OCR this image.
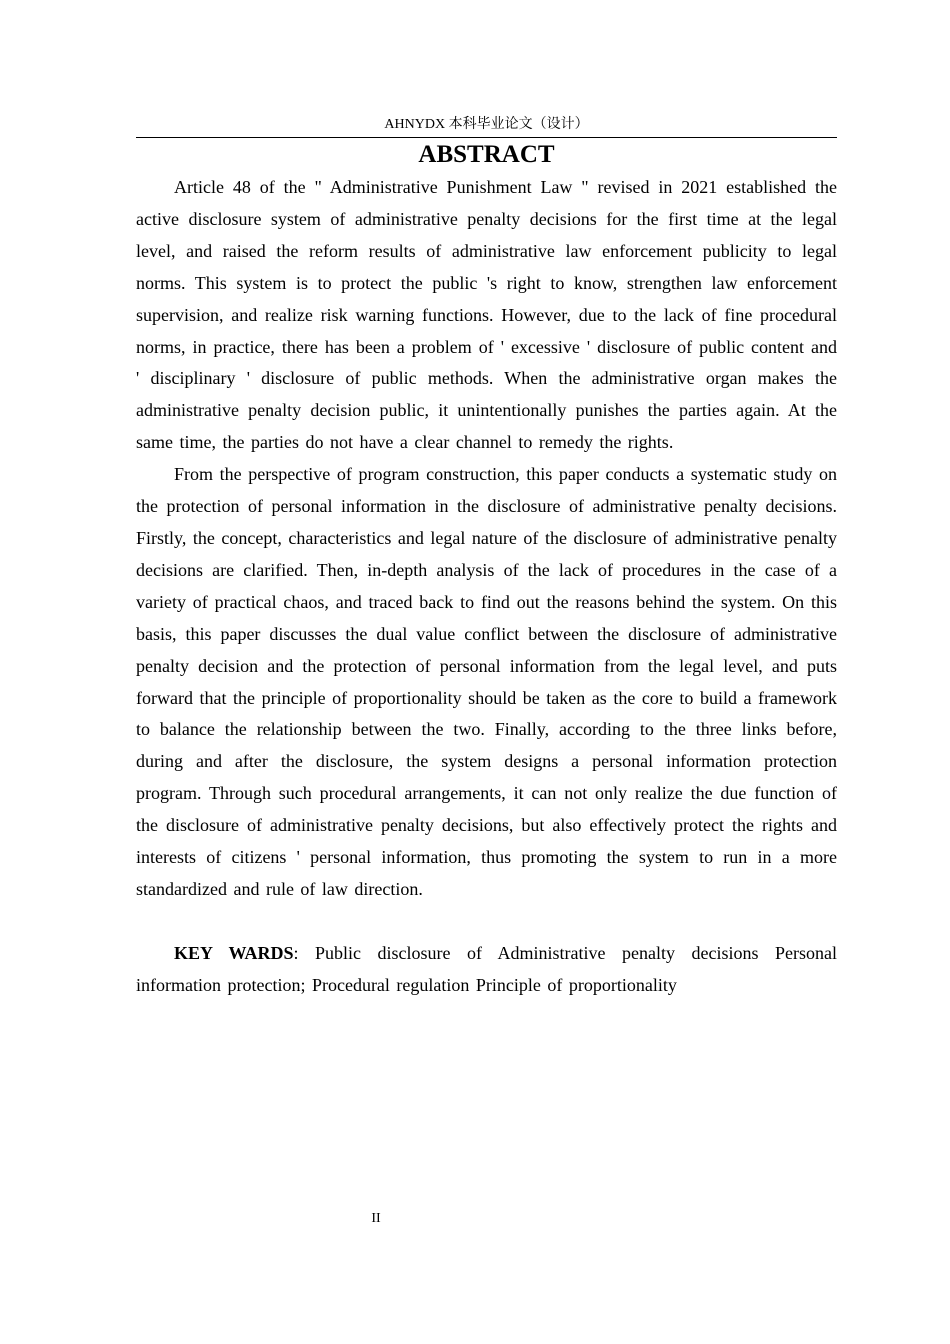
AHNYDX 本科毕业论文（设计）
ABSTRACT

Article 48 of the " Administrative Punishment Law " revised in 2021 established the active disclosure system of administrative penalty decisions for the first time at the legal level, and raised the reform results of administrative law enforcement publicity to legal norms. This system is to protect the public 's right to know, strengthen law enforcement supervision, and realize risk warning functions. However, due to the lack of fine procedural norms, in practice, there has been a problem of ' excessive ' disclosure of public content and ' disciplinary ' disclosure of public methods. When the administrative organ makes the administrative penalty decision public, it unintentionally punishes the parties again. At the same time, the parties do not have a clear channel to remedy the rights.

From the perspective of program construction, this paper conducts a systematic study on the protection of personal information in the disclosure of administrative penalty decisions. Firstly, the concept, characteristics and legal nature of the disclosure of administrative penalty decisions are clarified. Then, in-depth analysis of the lack of procedures in the case of a variety of practical chaos, and traced back to find out the reasons behind the system. On this basis, this paper discusses the dual value conflict between the disclosure of administrative penalty decision and the protection of personal information from the legal level, and puts forward that the principle of proportionality should be taken as the core to build a framework to balance the relationship between the two. Finally, according to the three links before, during and after the disclosure, the system designs a personal information protection program. Through such procedural arrangements, it can not only realize the due function of the disclosure of administrative penalty decisions, but also effectively protect the rights and interests of citizens ' personal information, thus promoting the system to run in a more standardized and rule of law direction.

KEY WARDS: Public disclosure of Administrative penalty decisions Personal information protection; Procedural regulation Principle of proportionality

II
